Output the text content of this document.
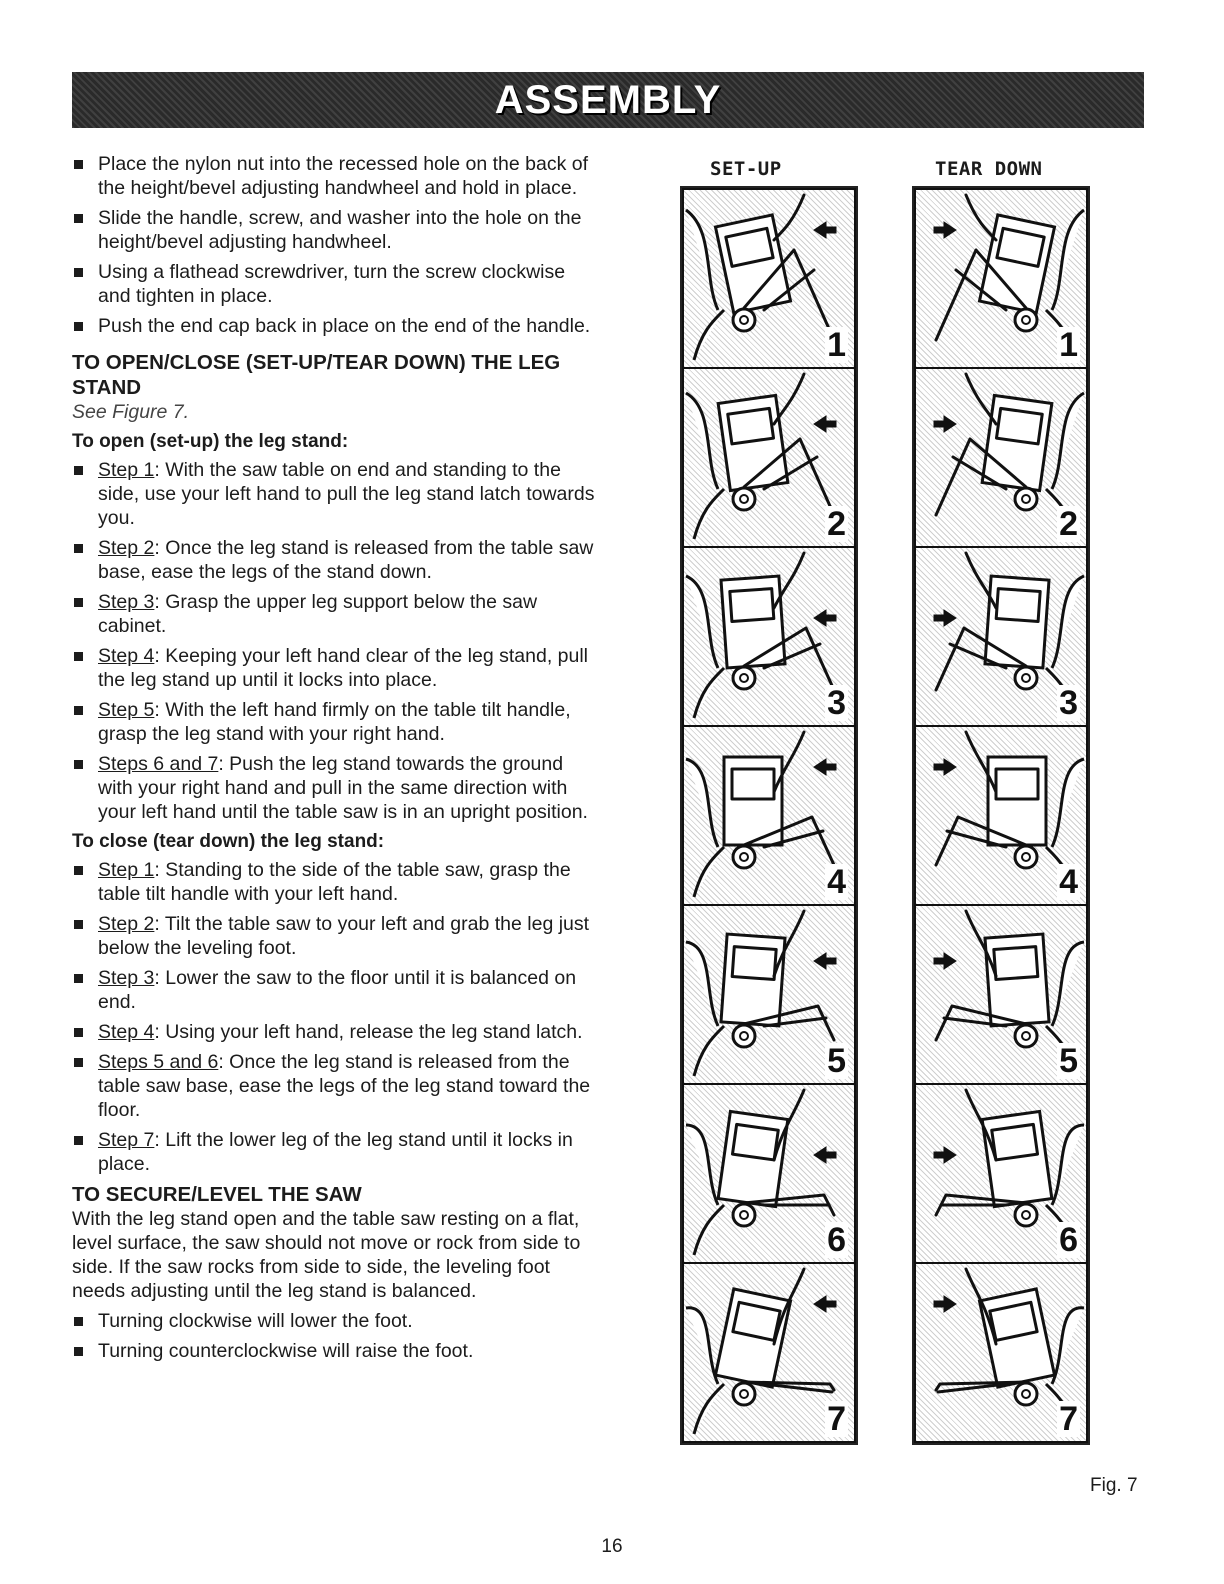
ASSEMBLY
Place the nylon nut into the recessed hole on the back of the height/bevel adjusting handwheel and hold in place.
Slide the handle, screw, and washer into the hole on the height/bevel adjusting handwheel.
Using a flathead screwdriver, turn the screw clockwise and tighten in place.
Push the end cap back in place on the end of the handle.
TO OPEN/CLOSE (SET-UP/TEAR DOWN) THE LEG STAND
See Figure 7.
To open (set-up) the leg stand:
Step 1: With the saw table on end and standing to the side, use your left hand to pull the leg stand latch towards you.
Step 2: Once the leg stand is released from the table saw base, ease the legs of the stand down.
Step 3: Grasp the upper leg support below the saw cabinet.
Step 4: Keeping your left hand clear of the leg stand, pull the leg stand up until it locks into place.
Step 5: With the left hand firmly on the table tilt handle, grasp the leg stand with your right hand.
Steps 6 and 7: Push the leg stand towards the ground with your right hand and pull in the same direction with your left hand until the table saw is in an upright position.
To close (tear down) the leg stand:
Step 1: Standing to the side of the table saw, grasp the table tilt handle with your left hand.
Step 2: Tilt the table saw to your left and grab the leg just below the leveling foot.
Step 3: Lower the saw to the floor until it is balanced on end.
Step 4: Using your left hand, release the leg stand latch.
Steps 5 and 6: Once the leg stand is released from the table saw base, ease the legs of the leg stand toward the floor.
Step 7: Lift the lower leg of the leg stand until it locks in place.
TO SECURE/LEVEL THE SAW
With the leg stand open and the table saw resting on a flat, level surface, the saw should not move or rock from side to side. If the saw rocks from side to side, the leveling foot needs adjusting until the leg stand is balanced.
Turning clockwise will lower the foot.
Turning counterclockwise will raise the foot.
SET-UP	TEAR DOWN
1
2
3
4
5
6
7
1
2
3
4
5
6
7
Fig. 7
16
